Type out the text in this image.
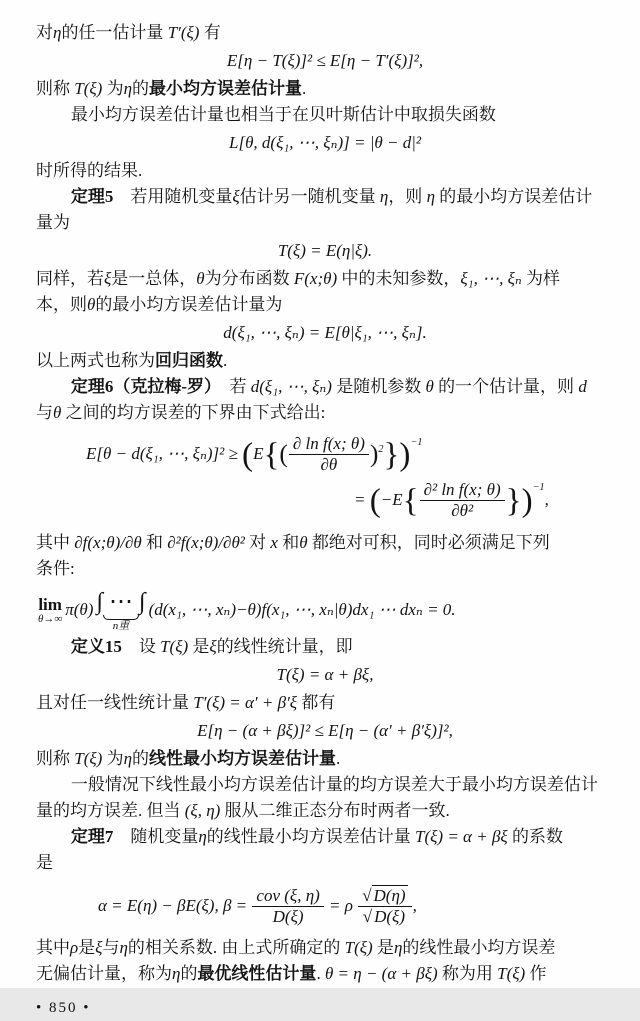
对η的任一估计量 T′(ξ) 有
E[η − T(ξ)]² ≤ E[η − T′(ξ)]²,
则称 T(ξ) 为η的最小均方误差估计量.
最小均方误差估计量也相当于在贝叶斯估计中取损失函数
L[θ, d(ξ₁, ⋯, ξₙ)] = |θ − d|²
时所得的结果.
定理5　若用随机变量ξ估计另一随机变量 η，则 η 的最小均方误差估计
量为
T(ξ) = E(η|ξ).
同样，若ξ是一总体，θ为分布函数 F(x;θ) 中的未知参数，ξ₁, ⋯, ξₙ 为样
本，则θ的最小均方误差估计量为
d(ξ₁, ⋯, ξₙ) = E[θ|ξ₁, ⋯, ξₙ].
以上两式也称为回归函数.
定理6（克拉梅-罗）　若 d(ξ₁, ⋯, ξₙ) 是随机参数 θ 的一个估计量，则 d
与θ 之间的均方误差的下界由下式给出:
E[θ − d(ξ₁, ⋯, $\xi_n)]^2 \ge (E\{( \frac{\text{∂ ln f(x; θ)}}{\partial\theta} )^2\})^{-1}$
= $(-E\{ \frac{\text{∂² ln f(x; θ)}}{\text{∂θ²}} \})^{-1}$,
其中 ∂f(x;θ)/∂θ 和 ∂²f(x;θ)/∂θ² 对 x 和θ 都绝对可积，同时必须满足下列
条件:
lim
θ→∞
π(θ) ∫ ⋯ ∫
n重
(d(x₁, ⋯, xₙ)−θ)f(x₁, ⋯, xₙ|θ)dx₁ ⋯ dxₙ = 0.
定义15　设 T(ξ) 是ξ的线性统计量，即
T(ξ) = α + βξ,
且对任一线性统计量 T′(ξ) = α′ + β′ξ 都有
E[η − (α + βξ)]² ≤ E[η − (α′ + β′ξ)]²,
则称 T(ξ) 为η的线性最小均方误差估计量.
一般情况下线性最小均方误差估计量的均方误差大于最小均方误差估计
量的均方误差. 但当 (ξ, η) 服从二维正态分布时两者一致.
定理7　随机变量η的线性最小均方误差估计量 T(ξ) = α + βξ 的系数
是
α = E(η) − βE(ξ), $\beta = \frac{\text{cov (ξ, η)}}{D(\xi)} = \rho \frac{√ D(\eta)}{√ D(\xi)}$ ,
其中ρ是ξ与η的相关系数. 由上式所确定的 T(ξ) 是η的线性最小均方误差
无偏估计量，称为η的最优线性估计量. θ = η − (α + βξ) 称为用 T(ξ) 作
• 850 •
